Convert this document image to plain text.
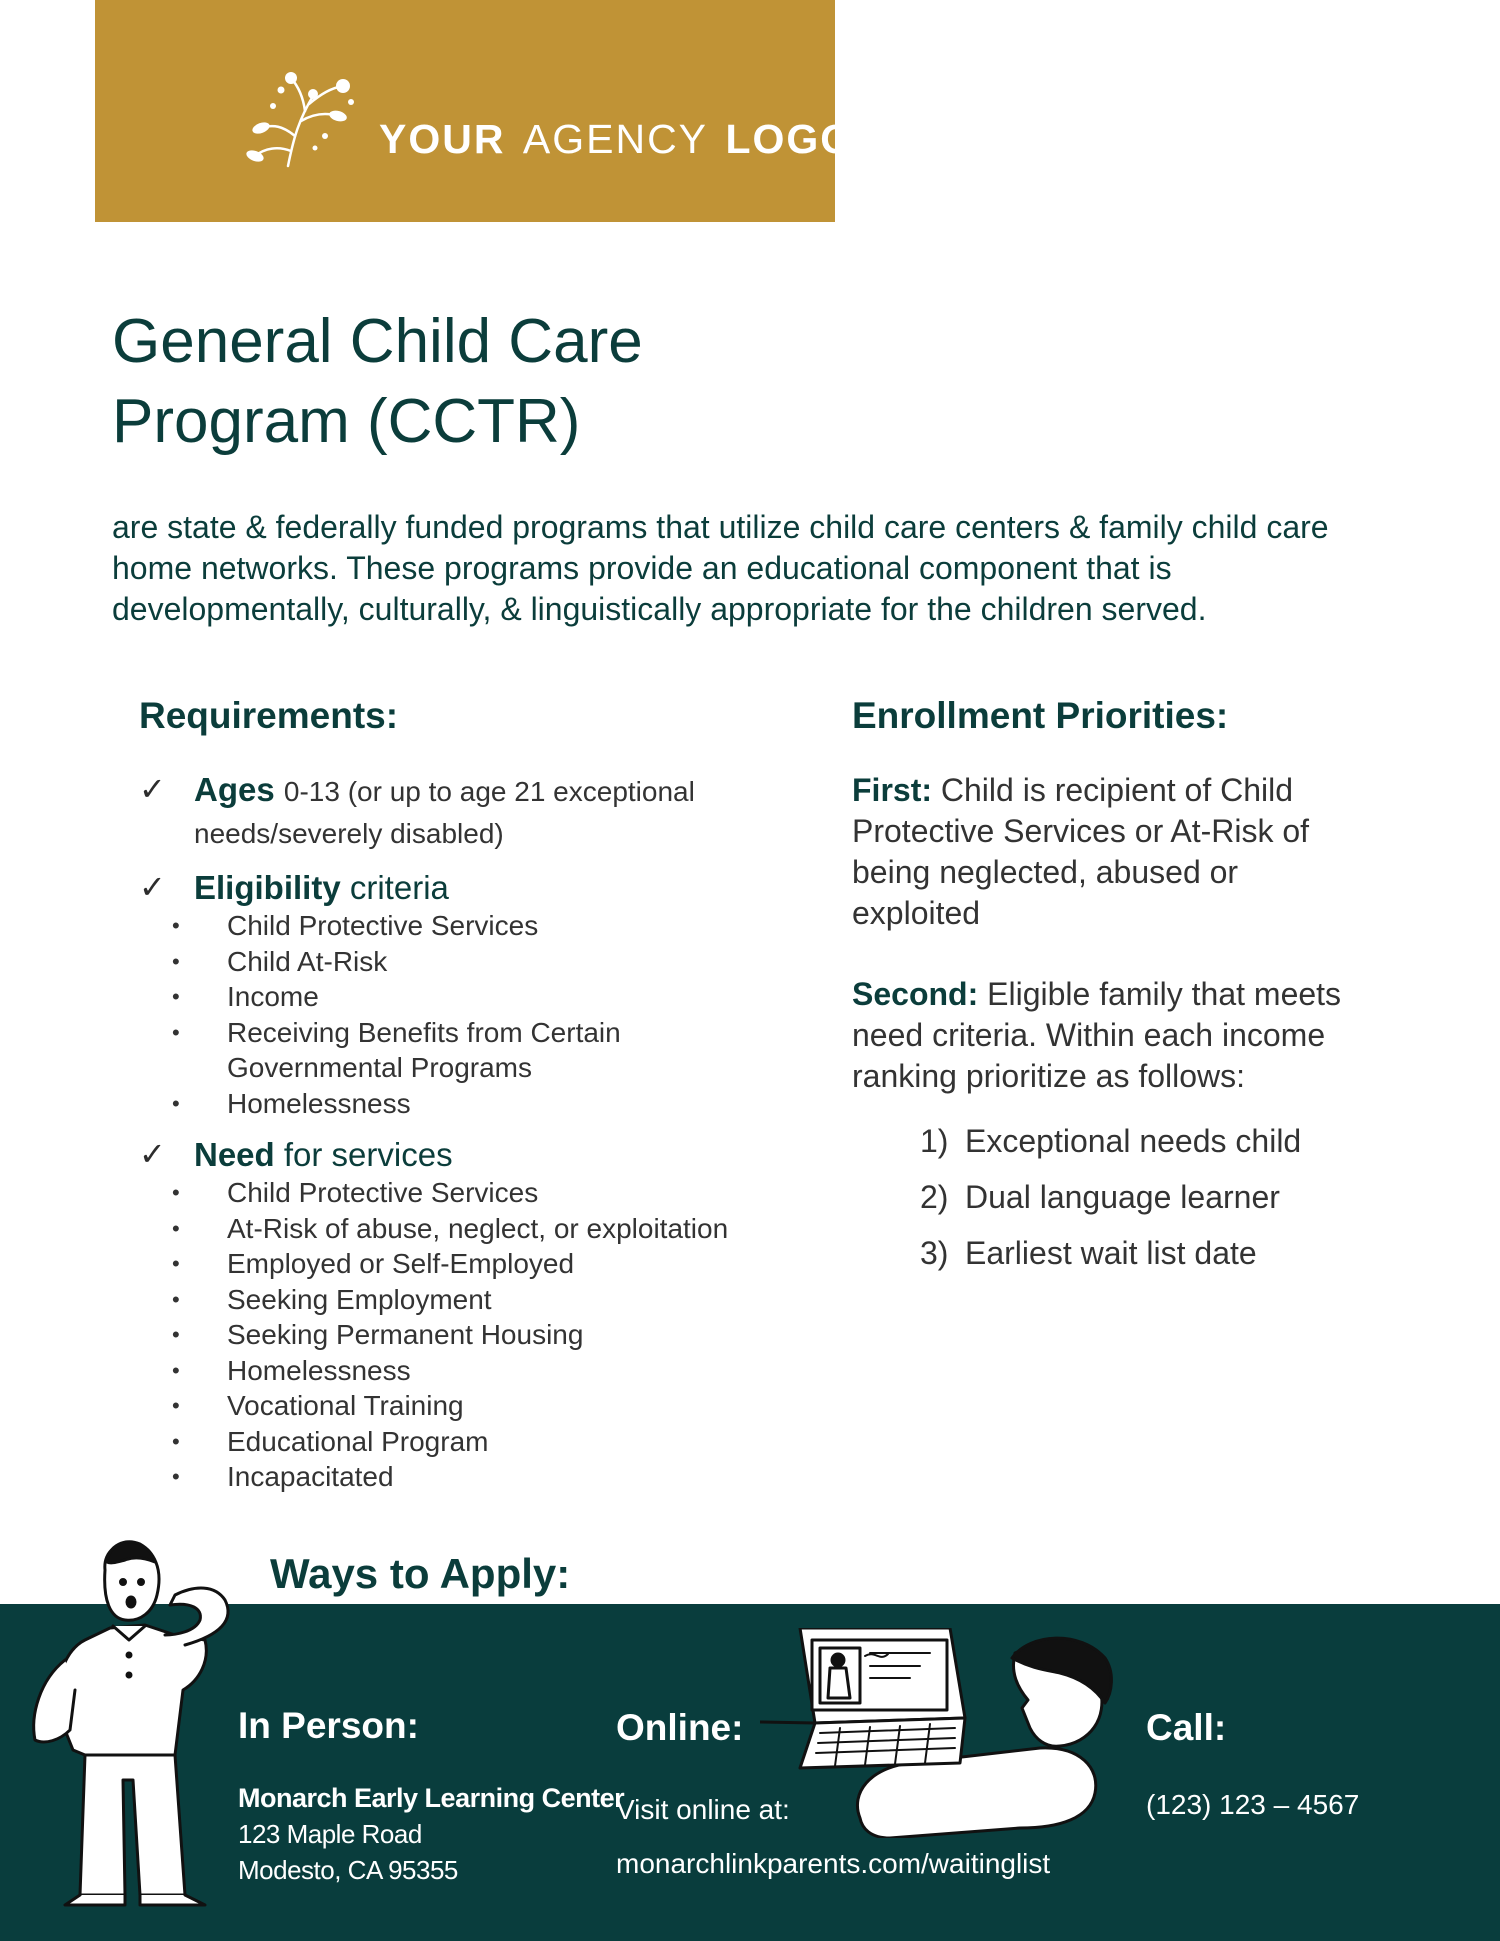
YOUR AGENCY LOGO
General Child Care
Program (CCTR)

are state & federally funded programs that utilize child care centers & family child care home networks. These programs provide an educational component that is developmentally, culturally, & linguistically appropriate for the children served.

Requirements:
✓ Ages 0-13 (or up to age 21 exceptional needs/severely disabled)
✓ Eligibility criteria
• Child Protective Services
• Child At-Risk
• Income
• Receiving Benefits from Certain Governmental Programs
• Homelessness
✓ Need for services
• Child Protective Services
• At-Risk of abuse, neglect, or exploitation
• Employed or Self-Employed
• Seeking Employment
• Seeking Permanent Housing
• Homelessness
• Vocational Training
• Educational Program
• Incapacitated
Enrollment Priorities:

First: Child is recipient of Child Protective Services or At-Risk of being neglected, abused or exploited

Second: Eligible family that meets need criteria. Within each income ranking prioritize as follows:

1) Exceptional needs child
2) Dual language learner
3) Earliest wait list date
Ways to Apply:
In Person:
Monarch Early Learning Center
123 Maple Road
Modesto, CA 95355
Online:
Visit online at:
monarchlinkparents.com/waitinglist
Call:
(123) 123 – 4567
